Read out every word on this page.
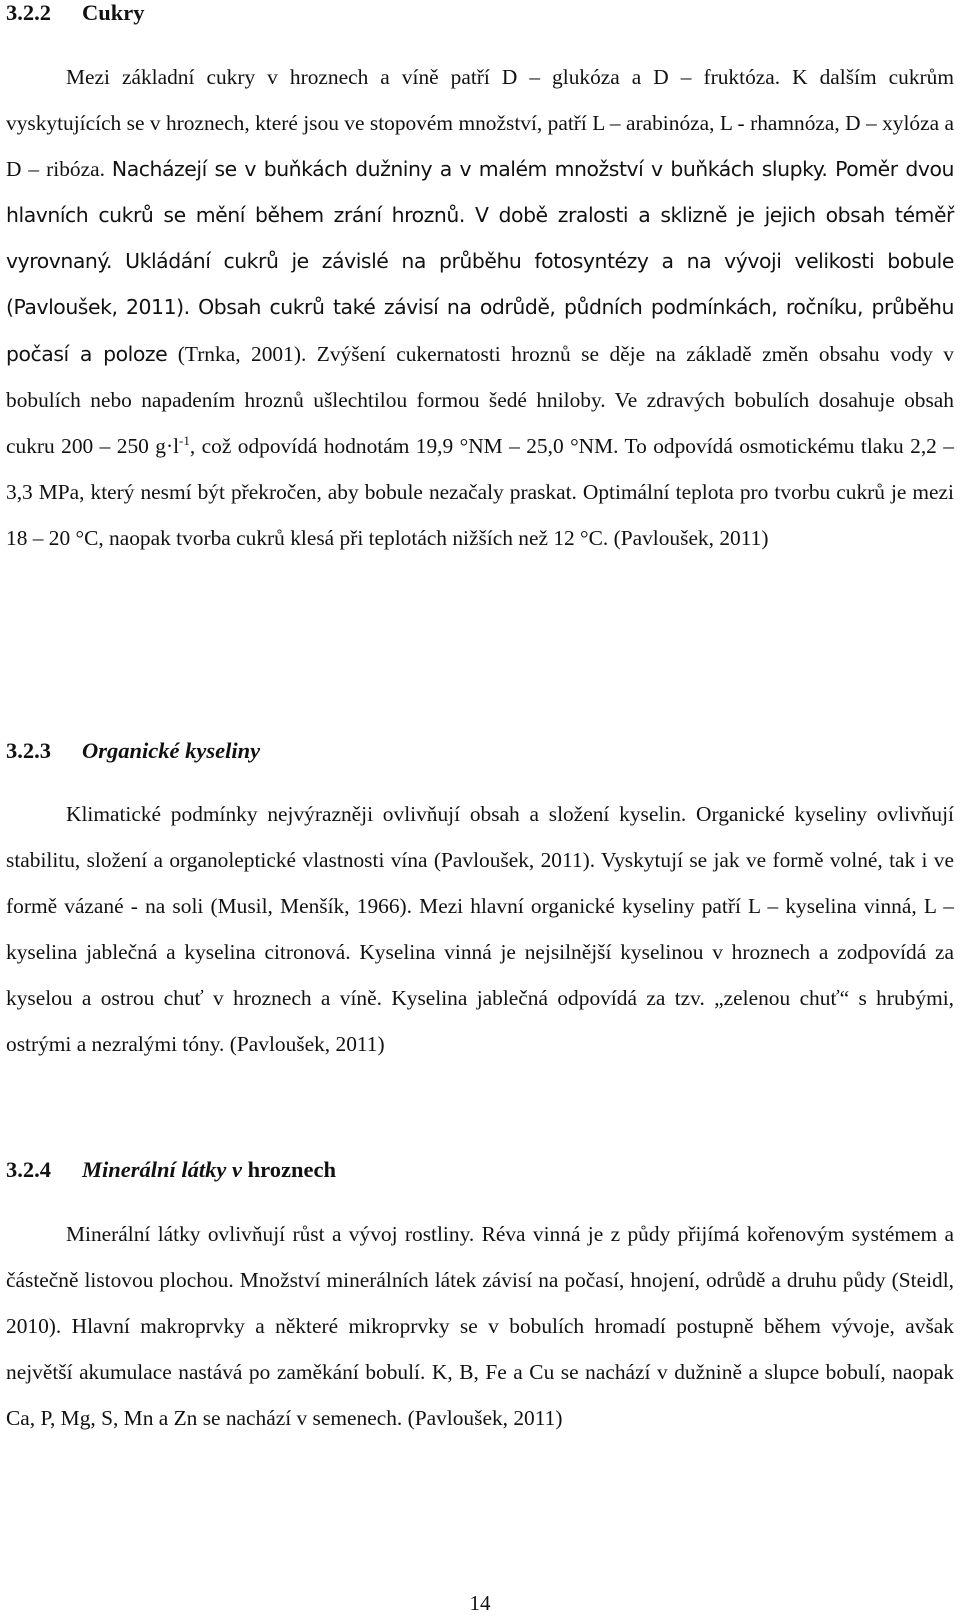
3.2.2 Cukry

Mezi základní cukry v hroznech a víně patří D – glukóza a D – fruktóza. K dalším cukrům vyskytujících se v hroznech, které jsou ve stopovém množství, patří L – arabinóza, L - rhamnóza, D – xylóza a D – ribóza. Nacházejí se v buňkách dužniny a v malém množství v buňkách slupky. Poměr dvou hlavních cukrů se mění během zrání hroznů. V době zralosti a sklizně je jejich obsah téměř vyrovnaný. Ukládání cukrů je závislé na průběhu fotosyntézy a na vývoji velikosti bobule (Pavloušek, 2011). Obsah cukrů také závisí na odrůdě, půdních podmínkách, ročníku, průběhu počasí a poloze (Trnka, 2001). Zvýšení cukernatosti hroznů se děje na základě změn obsahu vody v bobulích nebo napadením hroznů ušlechtilou formou šedé hniloby. Ve zdravých bobulích dosahuje obsah cukru 200 – 250 $g\cdot l^{-1}$, což odpovídá hodnotám 19,9 °NM – 25,0 °NM. To odpovídá osmotickému tlaku 2,2 – 3,3 MPa, který nesmí být překročen, aby bobule nezačaly praskat. Optimální teplota pro tvorbu cukrů je mezi 18 – 20 °C, naopak tvorba cukrů klesá při teplotách nižších než 12 °C. (Pavloušek, 2011)

3.2.3 Organické kyseliny

Klimatické podmínky nejvýrazněji ovlivňují obsah a složení kyselin. Organické kyseliny ovlivňují stabilitu, složení a organoleptické vlastnosti vína (Pavloušek, 2011). Vyskytují se jak ve formě volné, tak i ve formě vázané - na soli (Musil, Menšík, 1966). Mezi hlavní organické kyseliny patří L – kyselina vinná, L – kyselina jablečná a kyselina citronová. Kyselina vinná je nejsilnější kyselinou v hroznech a zodpovídá za kyselou a ostrou chuť v hroznech a víně. Kyselina jablečná odpovídá za tzv. „zelenou chuť“ s hrubými, ostrými a nezralými tóny. (Pavloušek, 2011)

3.2.4 Minerální látky v hroznech

Minerální látky ovlivňují růst a vývoj rostliny. Réva vinná je z půdy přijímá kořenovým systémem a částečně listovou plochou. Množství minerálních látek závisí na počasí, hnojení, odrůdě a druhu půdy (Steidl, 2010). Hlavní makroprvky a některé mikroprvky se v bobulích hromadí postupně během vývoje, avšak největší akumulace nastává po zaměkání bobulí. K, B, Fe a Cu se nachází v dužnině a slupce bobulí, naopak Ca, P, Mg, S, Mn a Zn se nachází v semenech. (Pavloušek, 2011)

14
